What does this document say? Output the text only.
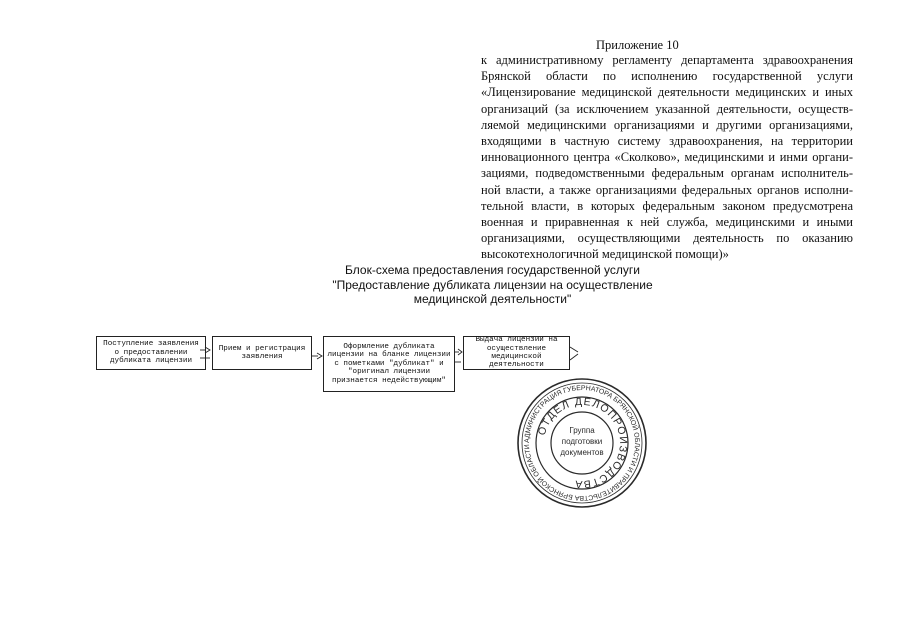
Приложение 10

к административному регламенту департамента здравоохранения
Брянской области по исполнению государственной услуги
«Лицензирование медицинской деятельности медицинских и иных
организаций (за исключением указанной деятельности, осуществ-
ляемой медицинскими организациями и другими организациями,
входящими в частную систему здравоохранения, на территории
инновационного центра «Сколково», медицинскими и инми органи-
зациями, подведомственными федеральным органам исполнитель-
ной власти, а также организациями федеральных органов исполни-
тельной власти, в которых федеральным законом предусмотрена
военная и приравненная к ней служба, медицинскими и иными
организациями, осуществляющими деятельность по оказанию
высокотехнологичной медицинской помощи)»

Блок-схема предоставления государственной услуги
"Предоставление дубликата лицензии на осуществление
медицинской деятельности"
Поступление заявления
о предоставлении
дубликата лицензии
Прием и регистрация
заявления
Оформление дубликата
лицензии на бланке лицензии
с пометками "дубликат" и
"оригинал лицензии
признается недействующим"
Выдача лицензии на
осуществление
медицинской
деятельности
АДМИНИСТРАЦИЯ ГУБЕРНАТОРА БРЯНСКОЙ ОБЛАСТИ И ПРАВИТЕЛЬСТВА БРЯНСКОЙ ОБЛАСТИ
ОТДЕЛ ДЕЛОПРОИЗВОДСТВА
Группа
подготовки
документов
